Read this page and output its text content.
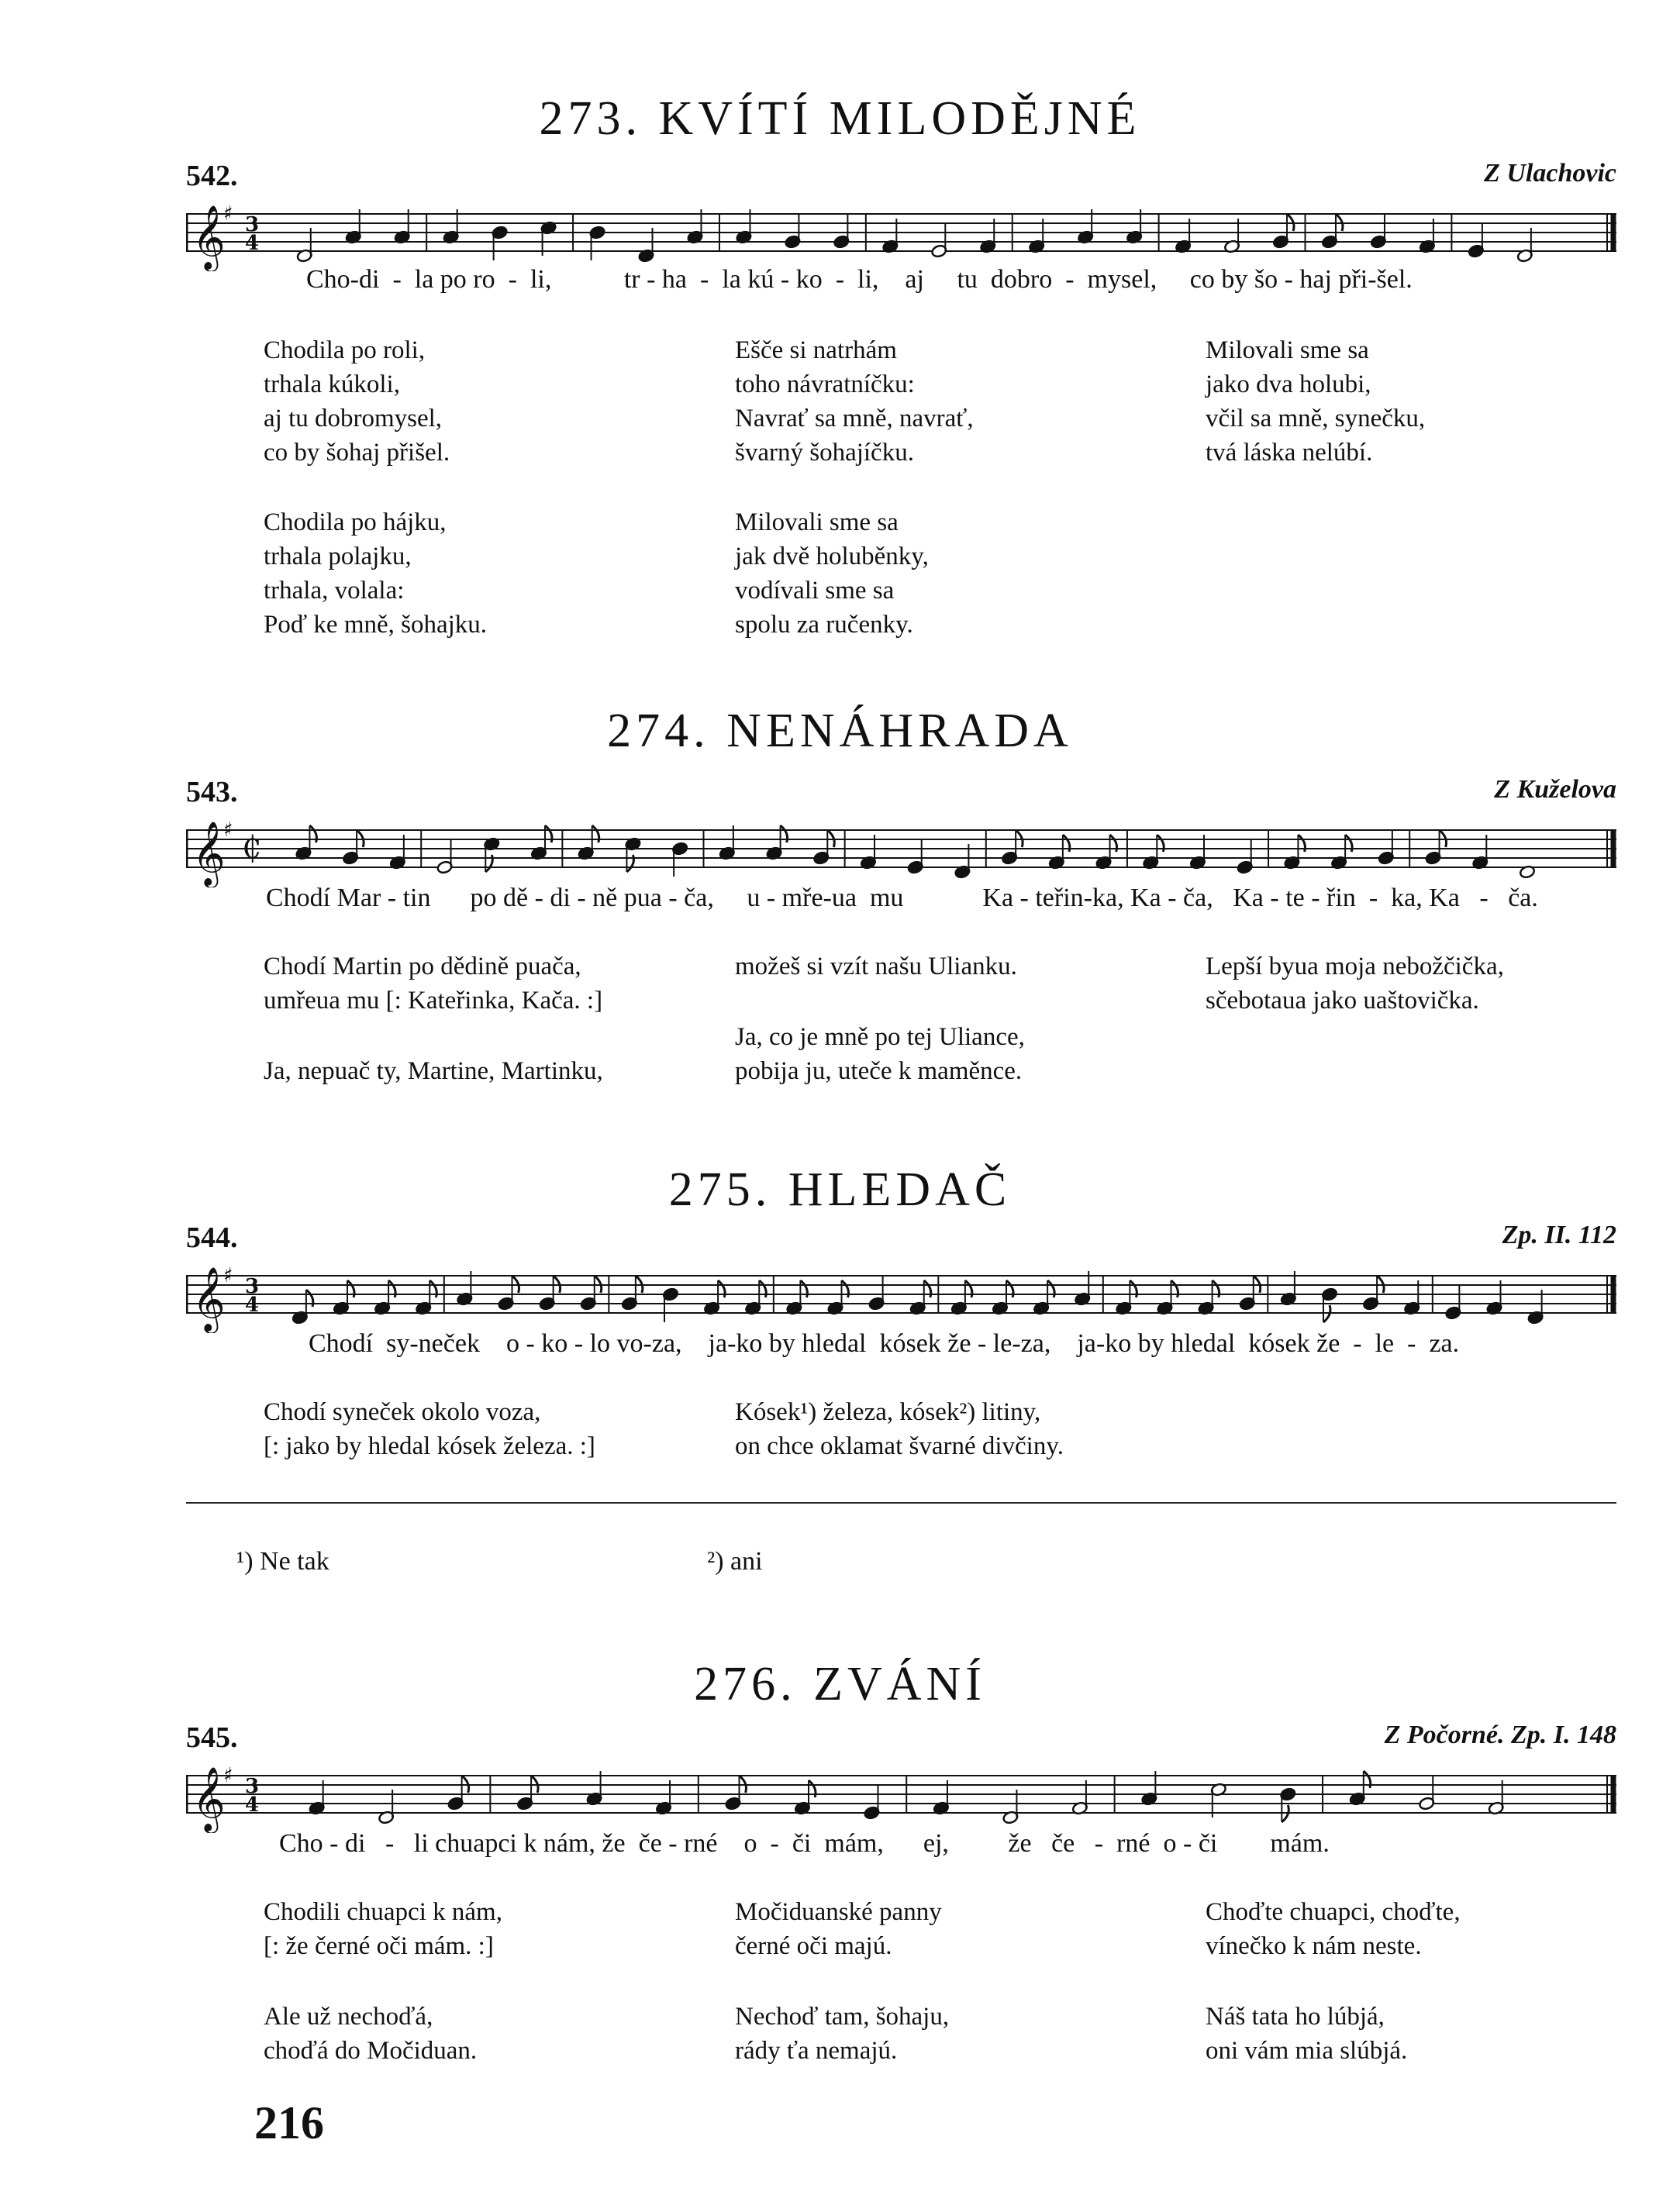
273. KVÍTÍ MILODĚJNÉ
542.	Z Ulachovic
𝄞
♯ 3
4
Cho-di  -  la po ro  -  li,           tr - ha  -  la kú - ko  -  li,    aj     tu  dobro  -  mysel,     co by šo - haj při-šel.
Chodila po roli,
trhala kúkoli,
aj tu dobromysel,
co by šohaj přišel.
Ešče si natrhám
toho návratníčku:
Navrať sa mně, navrať,
švarný šohajíčku.
Milovali sme sa
jako dva holubi,
včil sa mně, synečku,
tvá láska nelúbí.
Chodila po hájku,
trhala polajku,
trhala, volala:
Poď ke mně, šohajku.
Milovali sme sa
jak dvě holuběnky,
vodívali sme sa
spolu za ručenky.
274. NENÁHRADA
543.	Z Kuželova
𝄞
♯ ₵
Chodí Mar - tin      po dě - di - ně pua - ča,     u - mře-ua  mu            Ka - teřin-ka, Ka - ča,   Ka - te - řin  -  ka, Ka   -   ča.
Chodí Martin po dědině puača,
umřeua mu [: Kateřinka, Kača. :]
možeš si vzít našu Ulianku.	Lepší byua moja nebožčička,
sčebotaua jako uaštovička.
Ja, nepuač ty, Martine, Martinku,
Ja, co je mně po tej Uliance,
pobija ju, uteče k maměnce.
275. HLEDAČ
544.	Zp. II. 112
𝄞
♯ 3
4
Chodí  sy-neček    o - ko - lo vo-za,    ja-ko by hledal  kósek že - le-za,    ja-ko by hledal  kósek že  -  le  -  za.
Chodí syneček okolo voza,
[: jako by hledal kósek železa. :]
Kósek¹) železa, kósek²) litiny,
on chce oklamat švarné divčiny.
¹) Ne tak	²) ani
276. ZVÁNÍ
545.	Z Počorné. Zp. I. 148
𝄞
♯ 3
4
Cho - di   -   li chuapci k nám, že  če - rné    o  -  či  mám,      ej,         že   če   -  rné  o - či        mám.
Chodili chuapci k nám,
[: že černé oči mám. :]
Močiduanské panny
černé oči majú.
Choďte chuapci, choďte,
vínečko k nám neste.
Ale už nechoďá,
choďá do Močiduan.
Nechoď tam, šohaju,
rády ťa nemajú.
Náš tata ho lúbjá,
oni vám mia slúbjá.
216
